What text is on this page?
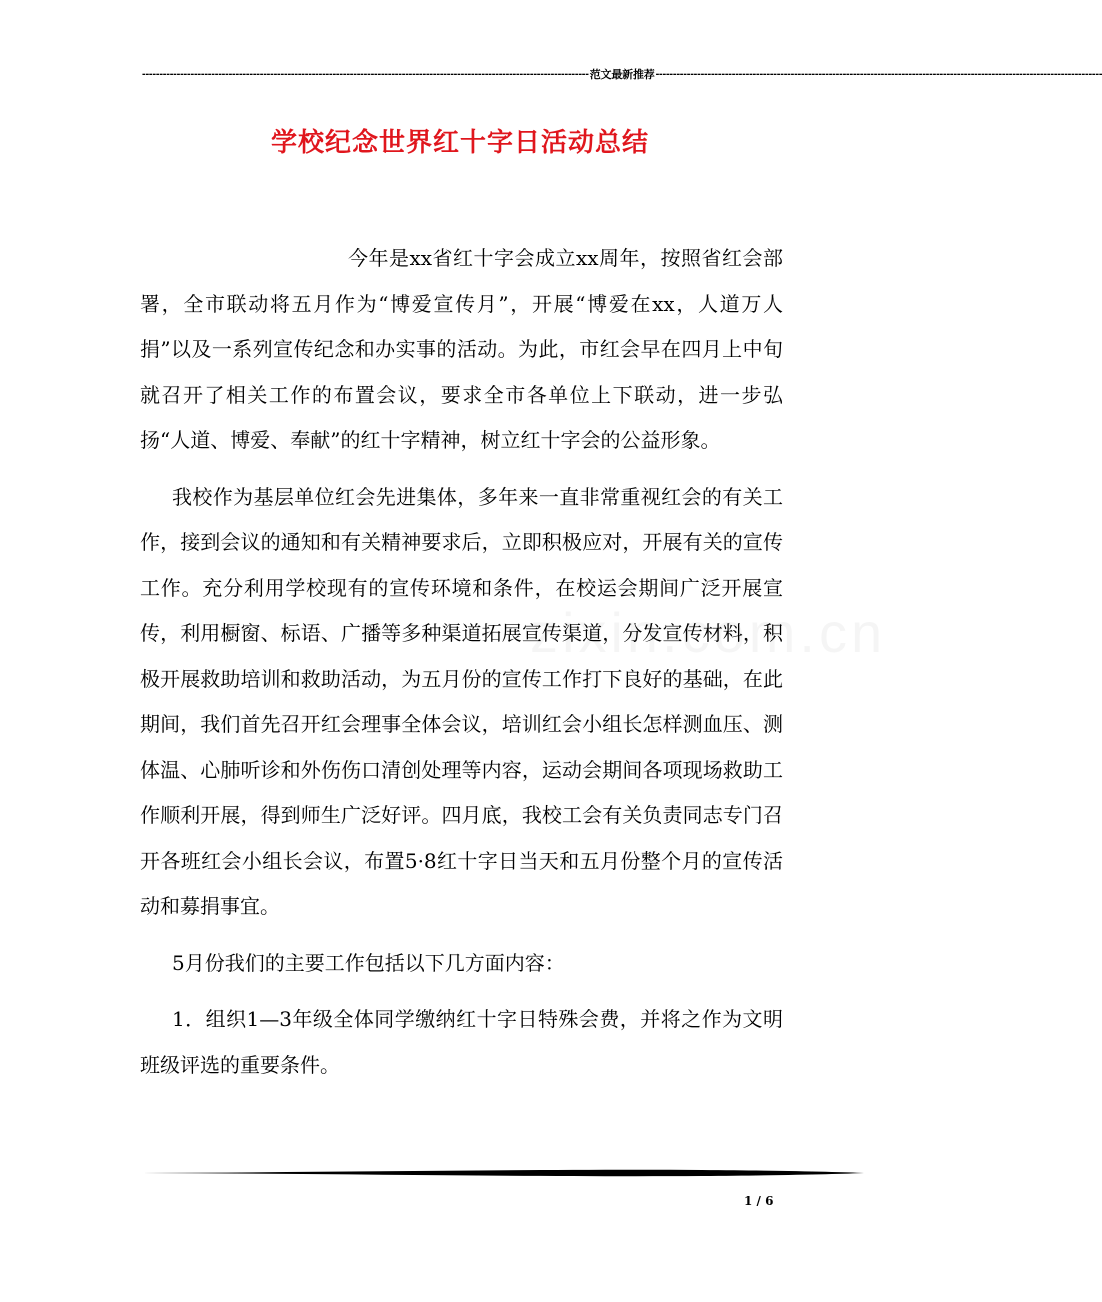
--------------------------------------------------------------------------------------------------------------------------------- 范文最新推荐 ---------------------------------------------------------------------------------------------------------------------------------
学校纪念世界红十字日活动总结

今年是xx省红十字会成立xx周年，按照省红会部署，全市联动将五月作为“博爱宣传月”，开展“博爱在xx，人道万人捐”以及一系列宣传纪念和办实事的活动。为此，市红会早在四月上中旬就召开了相关工作的布置会议，要求全市各单位上下联动，进一步弘扬“人道、博爱、奉献”的红十字精神，树立红十字会的公益形象。

我校作为基层单位红会先进集体，多年来一直非常重视红会的有关工作，接到会议的通知和有关精神要求后，立即积极应对，开展有关的宣传工作。充分利用学校现有的宣传环境和条件，在校运会期间广泛开展宣传，利用橱窗、标语、广播等多种渠道拓展宣传渠道，分发宣传材料，积极开展救助培训和救助活动，为五月份的宣传工作打下良好的基础，在此期间，我们首先召开红会理事全体会议，培训红会小组长怎样测血压、测体温、心肺听诊和外伤伤口清创处理等内容，运动会期间各项现场救助工作顺利开展，得到师生广泛好评。四月底，我校工会有关负责同志专门召开各班红会小组长会议，布置5·8红十字日当天和五月份整个月的宣传活动和募捐事宜。

5月份我们的主要工作包括以下几方面内容：

1．组织1—3年级全体同学缴纳红十字日特殊会费，并将之作为文明班级评选的重要条件。

1 / 6
